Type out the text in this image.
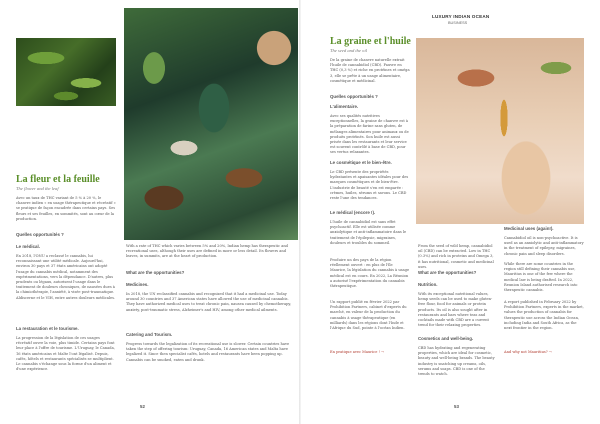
La fleur et la feuille
The flower and the leaf
Avec un taux de THC variant de 5 % à 20 %, le chanvre indien « en usage thérapeutique et récréatif » se pratique de façon encadrée dans certains pays. Ses fleurs et ses feuilles, en sommités, sont au cœur de la production.
Quelles opportunités ?
Le médical.
En 2018, l'ONU a reclassé le cannabis, lui reconnaissant une utilité médicale. Aujourd'hui, environ 30 pays et 37 états américains ont adopté l'usage du cannabis médical, notamment des expérimentations, vers la dépendance. D'autres, plus prudents ou légaux, autorisent l'usage dans le traitement de douleurs chroniques, de nausées dues à la chimiothérapie, l'anxiété, à visée post-traumatique. Aldiscerne et le VIH, entre autres douleurs médicales.
La restauration et le tourisme.
La progression de la législation de ces usages récréatif ouvre la voie, plus timide. Certains pays font leur place à l'offre de tourisme. L'Uruguay, le Canada, 16 états américains et Malte l'ont légalisé. Depuis, cafés, hôtels et restaurants spécialisés se multiplient. Le cannabis s'échange sous la forme d'un aliment et d'une expérience.
With a rate of THC which varies between 5% and 20%, Indian hemp has therapeutic and recreational uses, although their uses are defined in more or less detail. Its flowers and leaves, in summits, are at the heart of production.
What are the opportunities?
Medicines.
In 2018, the UN reclassified cannabis and recognized that it had a medicinal use. Today around 30 countries and 37 American states have allowed the use of medicinal cannabis. They have authorized medical uses to treat chronic pain, nausea caused by chemotherapy, anxiety, post-traumatic stress, Alzheimer's and HIV, among other medical ailments.
Catering and Tourism.
Progress towards the legalization of its recreational use is slower. Certain countries have taken the step of offering tourism: Uruguay, Canada, 16 American states and Malta have legalized it. Since then specialist cafés, hotels and restaurants have been popping up. Cannabis can be smoked, eaten and drunk.
52
LUXURY INDIAN OCEAN
BUSINESS
La graine et l'huile
The seed and the oil
De la graine de chanvre naturelle extrait l'huile de cannabidiol (CBD). Pauvre en THC (0,3 %) et riche en protéines et oméga 3, elle se prête à un usage alimentaire, cosmétique et médicinal.
Quelles opportunités ?
L'alimentaire.
Avec ses qualités nutritives exceptionnelles, la graine de chanvre est à la préparation de farine sans gluten, de mélanges alimentaires pour animaux ou de produits protéinés. Son huile est aussi prisée dans les restaurants et leur service est souvent contrôlé à base de CBD, pour ses vertus relaxantes.
Le cosmétique et le bien-être.
Le CBD présente des propriétés hydratantes et apaisantes idéales pour des marques cosmétiques et de bien-être. L'industrie de beauté s'en est emparée : crèmes, huiles, sérums et savons. Le CBD reste l'une des tendances.
Le médical (encore !).
L'huile de cannabidiol est sans effet psychoactif. Elle est utilisée comme anxiolytique et anti-inflammatoire dans le traitement de l'épilepsie, migraines, douleurs et troubles du sommeil.
Produire un des pays de la région réellement ouvert : en plus de l'île Maurice, la législation du cannabis à usage médical est en cours. En 2022, La Réunion a autorisé l'expérimentation du cannabis thérapeutique.
Un rapport publié en février 2022 par Prohibition Partners, cabinet d'experts du marché, en valeur de la production du cannabis à usage thérapeutique (en milliards) dans les régions dont l'Inde et l'Afrique du Sud, pointe à l'océan Indien.
En pratique avec Maurice ! →
From the seed of wild hemp, cannabidiol oil (CBD) can be extracted. Low in THC (0.3%) and rich in proteins and Omega 3, it has nutritional, cosmetic and medicinal uses.
What are the opportunities?
Nutrition.
With its exceptional nutritional values, hemp seeds can be used to make gluten-free flour, food for animals or protein products. Its oil is also sought after in restaurants and bars where teas and cocktails made with CBD are a current trend for their relaxing properties.
Cosmetics and well-being.
CBD has hydrating and regenerating properties, which are ideal for cosmetic, beauty and well-being brands. The beauty industry is snatching up creams, oils, serums and soaps. CBD is one of the trends to watch.
Medicinal uses (again!).
Cannabidiol oil is non-psychoactive. It is used as an anxiolytic and anti-inflammatory in the treatment of epilepsy, migraines, chronic pain and sleep disorders.
While there are some countries in the region still defining their cannabis use, Mauritius is one of the few where the medical law is being drafted. In 2022, Reunion Island authorised research into therapeutic cannabis.
A report published in February 2022 by Prohibition Partners, experts in the market, values the production of cannabis for therapeutic use across the Indian Ocean, including India and South Africa, as the next frontier in the region.
And why not Mauritius? →
53
